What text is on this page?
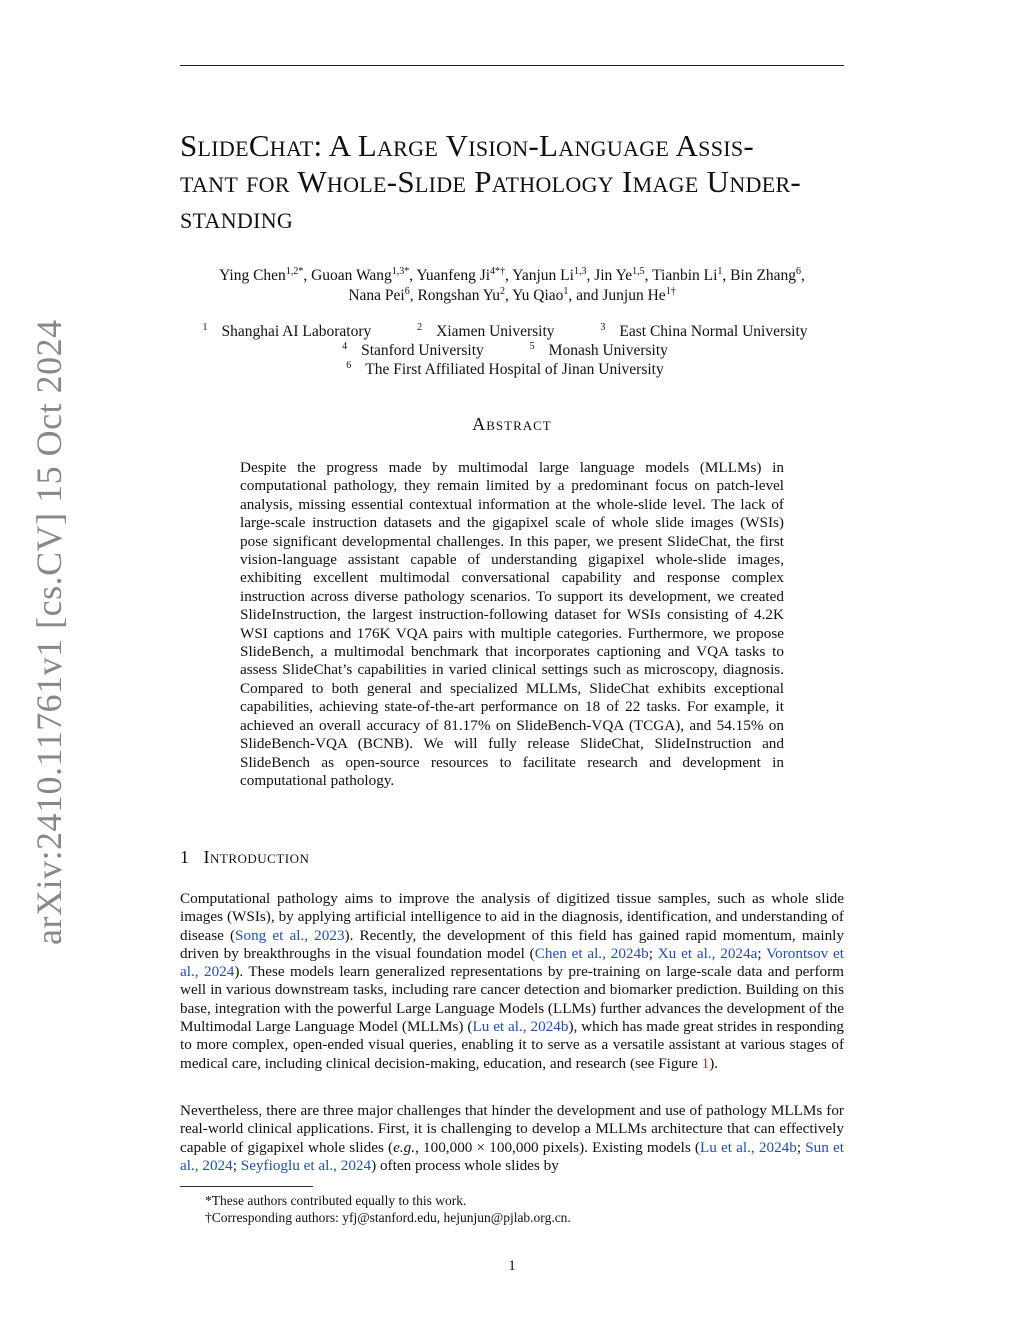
arXiv:2410.11761v1 [cs.CV] 15 Oct 2024
SlideChat: A Large Vision-Language Assis-
tant for Whole-Slide Pathology Image Under-
standing
Ying Chen$^{1,2*}$, Guoan Wang$^{1,3*}$, Yuanfeng $Ji^{4*\dagger}$, Yanjun Li$^{1,3}$, Jin Ye$^{1,5}$, Tianbin Li$^1$, Bin Zhang$^6$,
Nana Pei$^6$, Rongshan Yu$^2$, Yu Qiao$^1$, and Junjun $He^{1\dagger}$
$^1$ Shanghai AI Laboratory	$^2$ Xiamen University	$^3$ East China Normal University
$^4$ Stanford University	$^5$ Monash University $^6$ The First Affiliated Hospital of Jinan University
Abstract
Despite the progress made by multimodal large language models (MLLMs) in computational pathology, they remain limited by a predominant focus on patch-level analysis, missing essential contextual information at the whole-slide level. The lack of large-scale instruction datasets and the gigapixel scale of whole slide images (WSIs) pose significant developmental challenges. In this paper, we present SlideChat, the first vision-language assistant capable of understanding gigapixel whole-slide images, exhibiting excellent multimodal conversational capability and response complex instruction across diverse pathology scenarios. To support its development, we created SlideInstruction, the largest instruction-following dataset for WSIs consisting of 4.2K WSI captions and 176K VQA pairs with multiple categories. Furthermore, we propose SlideBench, a multimodal benchmark that incorporates captioning and VQA tasks to assess SlideChat’s capabilities in varied clinical settings such as microscopy, diagnosis. Compared to both general and specialized MLLMs, SlideChat exhibits exceptional capabilities, achieving state-of-the-art performance on 18 of 22 tasks. For example, it achieved an overall accuracy of 81.17% on SlideBench-VQA (TCGA), and 54.15% on SlideBench-VQA (BCNB). We will fully release SlideChat, SlideInstruction and SlideBench as open-source resources to facilitate research and development in computational pathology.
1 Introduction
Computational pathology aims to improve the analysis of digitized tissue samples, such as whole slide images (WSIs), by applying artificial intelligence to aid in the diagnosis, identification, and understanding of disease (Song et al., 2023). Recently, the development of this field has gained rapid momentum, mainly driven by breakthroughs in the visual foundation model (Chen et al., 2024b; Xu et al., 2024a; Vorontsov et al., 2024). These models learn generalized representations by pre-training on large-scale data and perform well in various downstream tasks, including rare cancer detection and biomarker prediction. Building on this base, integration with the powerful Large Language Models (LLMs) further advances the development of the Multimodal Large Language Model (MLLMs) (Lu et al., 2024b), which has made great strides in responding to more complex, open-ended visual queries, enabling it to serve as a versatile assistant at various stages of medical care, including clinical decision-making, education, and research (see Figure 1).
Nevertheless, there are three major challenges that hinder the development and use of pathology MLLMs for real-world clinical applications. First, it is challenging to develop a MLLMs architecture that can effectively capable of gigapixel whole slides (e.g., 100,000 × 100,000 pixels). Existing models (Lu et al., 2024b; Sun et al., 2024; Seyfioglu et al., 2024) often process whole slides by
*These authors contributed equally to this work.
†Corresponding authors: yfj@stanford.edu, hejunjun@pjlab.org.cn.
1
